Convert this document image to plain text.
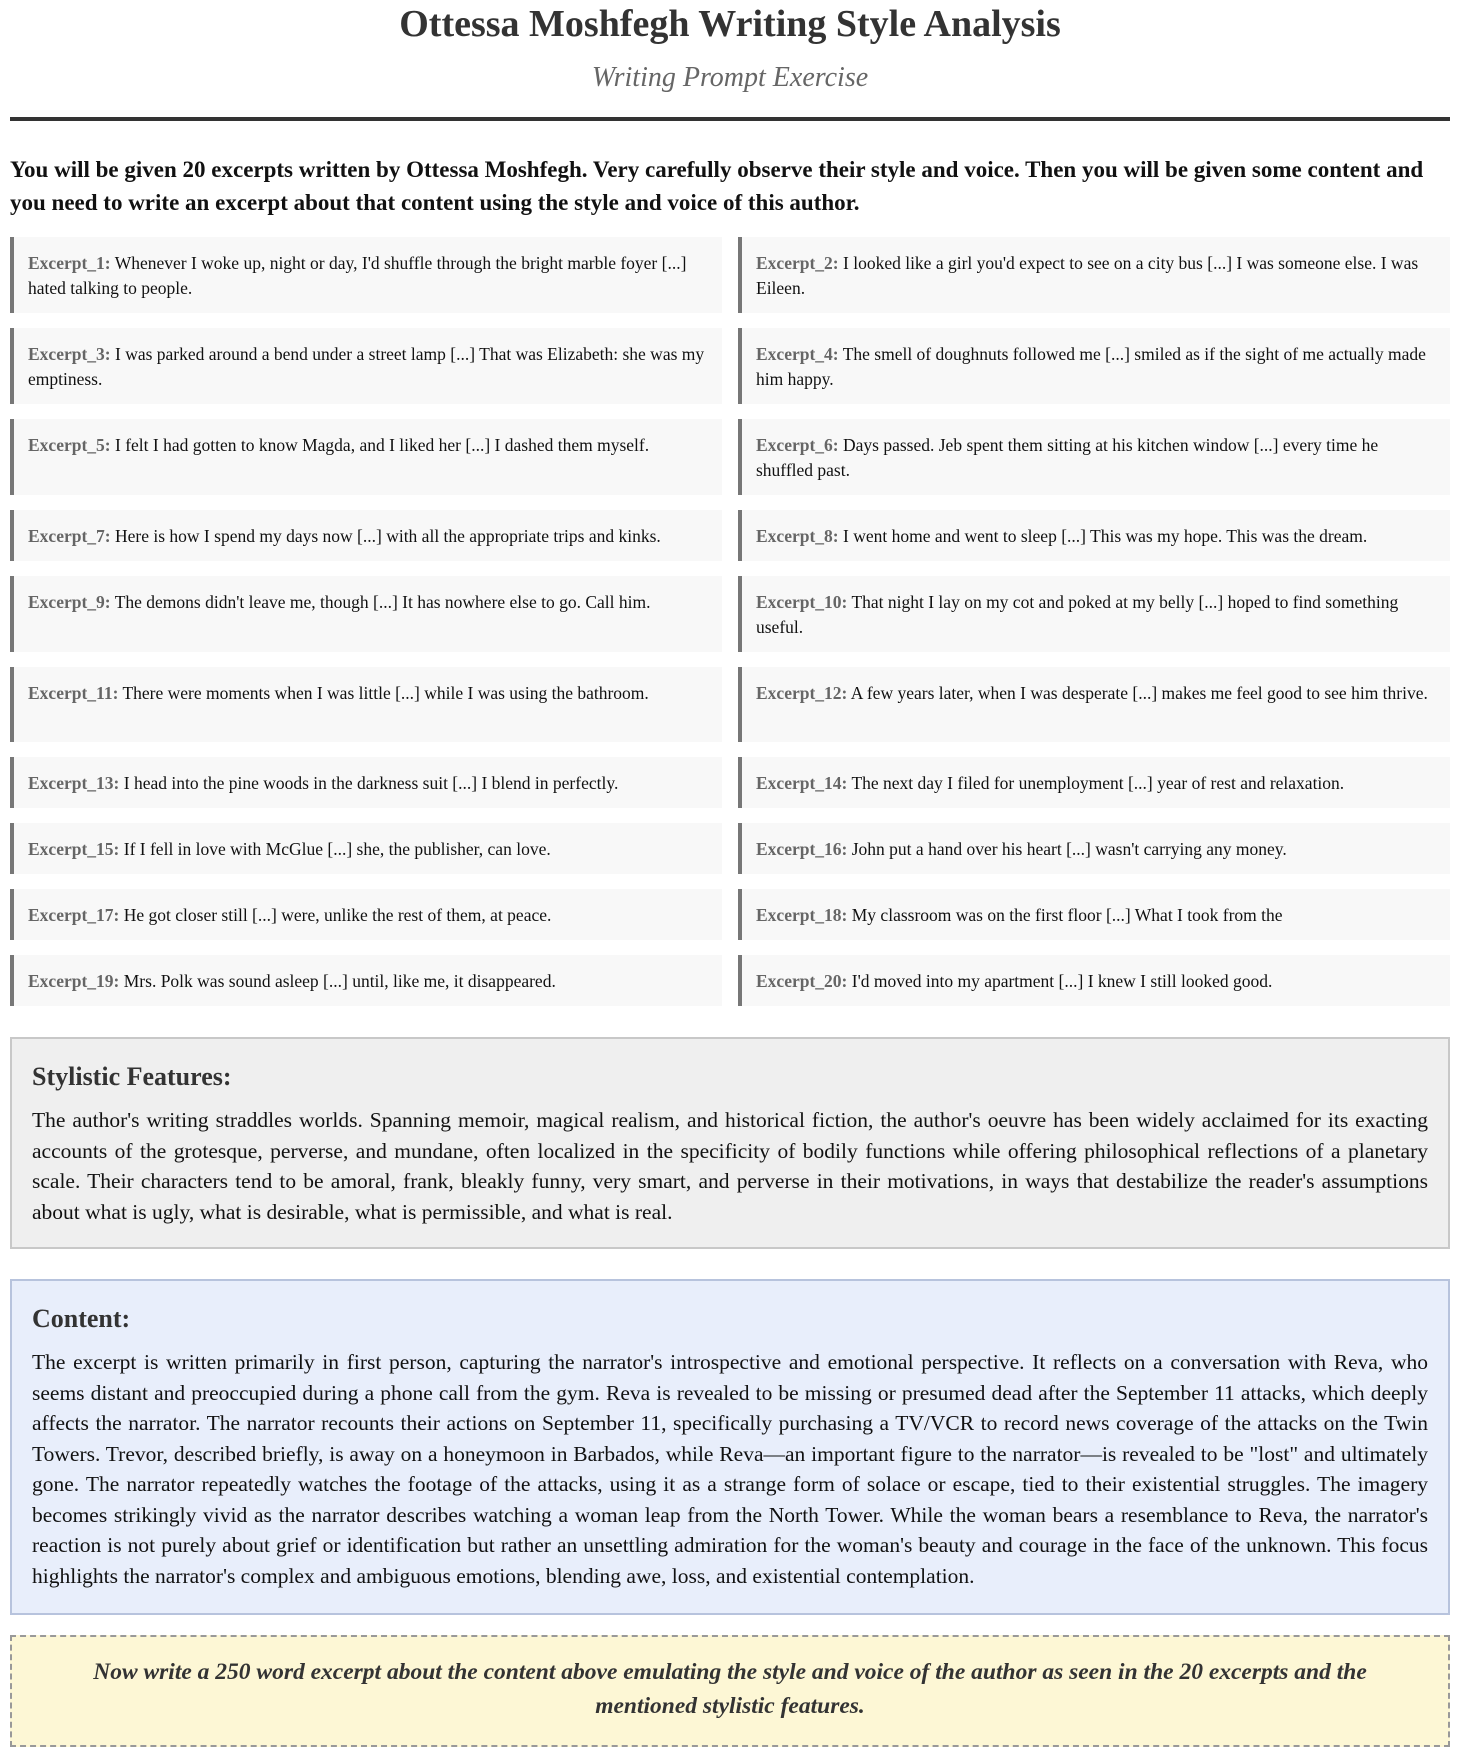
Ottessa Moshfegh Writing Style Analysis
Writing Prompt Exercise

You will be given 20 excerpts written by Ottessa Moshfegh. Very carefully observe their style and voice. Then you will be given some content and you need to write an excerpt about that content using the style and voice of this author.

Excerpt_1: Whenever I woke up, night or day, I'd shuffle through the bright marble foyer [...] hated talking to people.
Excerpt_2: I looked like a girl you'd expect to see on a city bus [...] I was someone else. I was Eileen.
Excerpt_3: I was parked around a bend under a street lamp [...] That was Elizabeth: she was my emptiness.
Excerpt_4: The smell of doughnuts followed me [...] smiled as if the sight of me actually made him happy.
Excerpt_5: I felt I had gotten to know Magda, and I liked her [...] I dashed them myself.	Excerpt_6: Days passed. Jeb spent them sitting at his kitchen window [...] every time he shuffled past.
Excerpt_7: Here is how I spend my days now [...] with all the appropriate trips and kinks.	Excerpt_8: I went home and went to sleep [...] This was my hope. This was the dream.
Excerpt_9: The demons didn't leave me, though [...] It has nowhere else to go. Call him.	Excerpt_10: That night I lay on my cot and poked at my belly [...] hoped to find something useful.
Excerpt_11: There were moments when I was little [...] while I was using the bathroom.	Excerpt_12: A few years later, when I was desperate [...] makes me feel good to see him thrive.
Excerpt_13: I head into the pine woods in the darkness suit [...] I blend in perfectly.	Excerpt_14: The next day I filed for unemployment [...] year of rest and relaxation.
Excerpt_15: If I fell in love with McGlue [...] she, the publisher, can love.	Excerpt_16: John put a hand over his heart [...] wasn't carrying any money.
Excerpt_17: He got closer still [...] were, unlike the rest of them, at peace.	Excerpt_18: My classroom was on the first floor [...] What I took from the
Excerpt_19: Mrs. Polk was sound asleep [...] until, like me, it disappeared.	Excerpt_20: I'd moved into my apartment [...] I knew I still looked good.
Stylistic Features:

The author's writing straddles worlds. Spanning memoir, magical realism, and historical fiction, the author's oeuvre has been widely acclaimed for its exacting accounts of the grotesque, perverse, and mundane, often localized in the specificity of bodily functions while offering philosophical reflections of a planetary scale. Their characters tend to be amoral, frank, bleakly funny, very smart, and perverse in their motivations, in ways that destabilize the reader's assumptions about what is ugly, what is desirable, what is permissible, and what is real.

Content:

The excerpt is written primarily in first person, capturing the narrator's introspective and emotional perspective. It reflects on a conversation with Reva, who seems distant and preoccupied during a phone call from the gym. Reva is revealed to be missing or presumed dead after the September 11 attacks, which deeply affects the narrator. The narrator recounts their actions on September 11, specifically purchasing a TV/VCR to record news coverage of the attacks on the Twin Towers. Trevor, described briefly, is away on a honeymoon in Barbados, while Reva—an important figure to the narrator—is revealed to be "lost" and ultimately gone. The narrator repeatedly watches the footage of the attacks, using it as a strange form of solace or escape, tied to their existential struggles. The imagery becomes strikingly vivid as the narrator describes watching a woman leap from the North Tower. While the woman bears a resemblance to Reva, the narrator's reaction is not purely about grief or identification but rather an unsettling admiration for the woman's beauty and courage in the face of the unknown. This focus highlights the narrator's complex and ambiguous emotions, blending awe, loss, and existential contemplation.

Now write a 250 word excerpt about the content above emulating the style and voice of the author as seen in the 20 excerpts and the mentioned stylistic features.
